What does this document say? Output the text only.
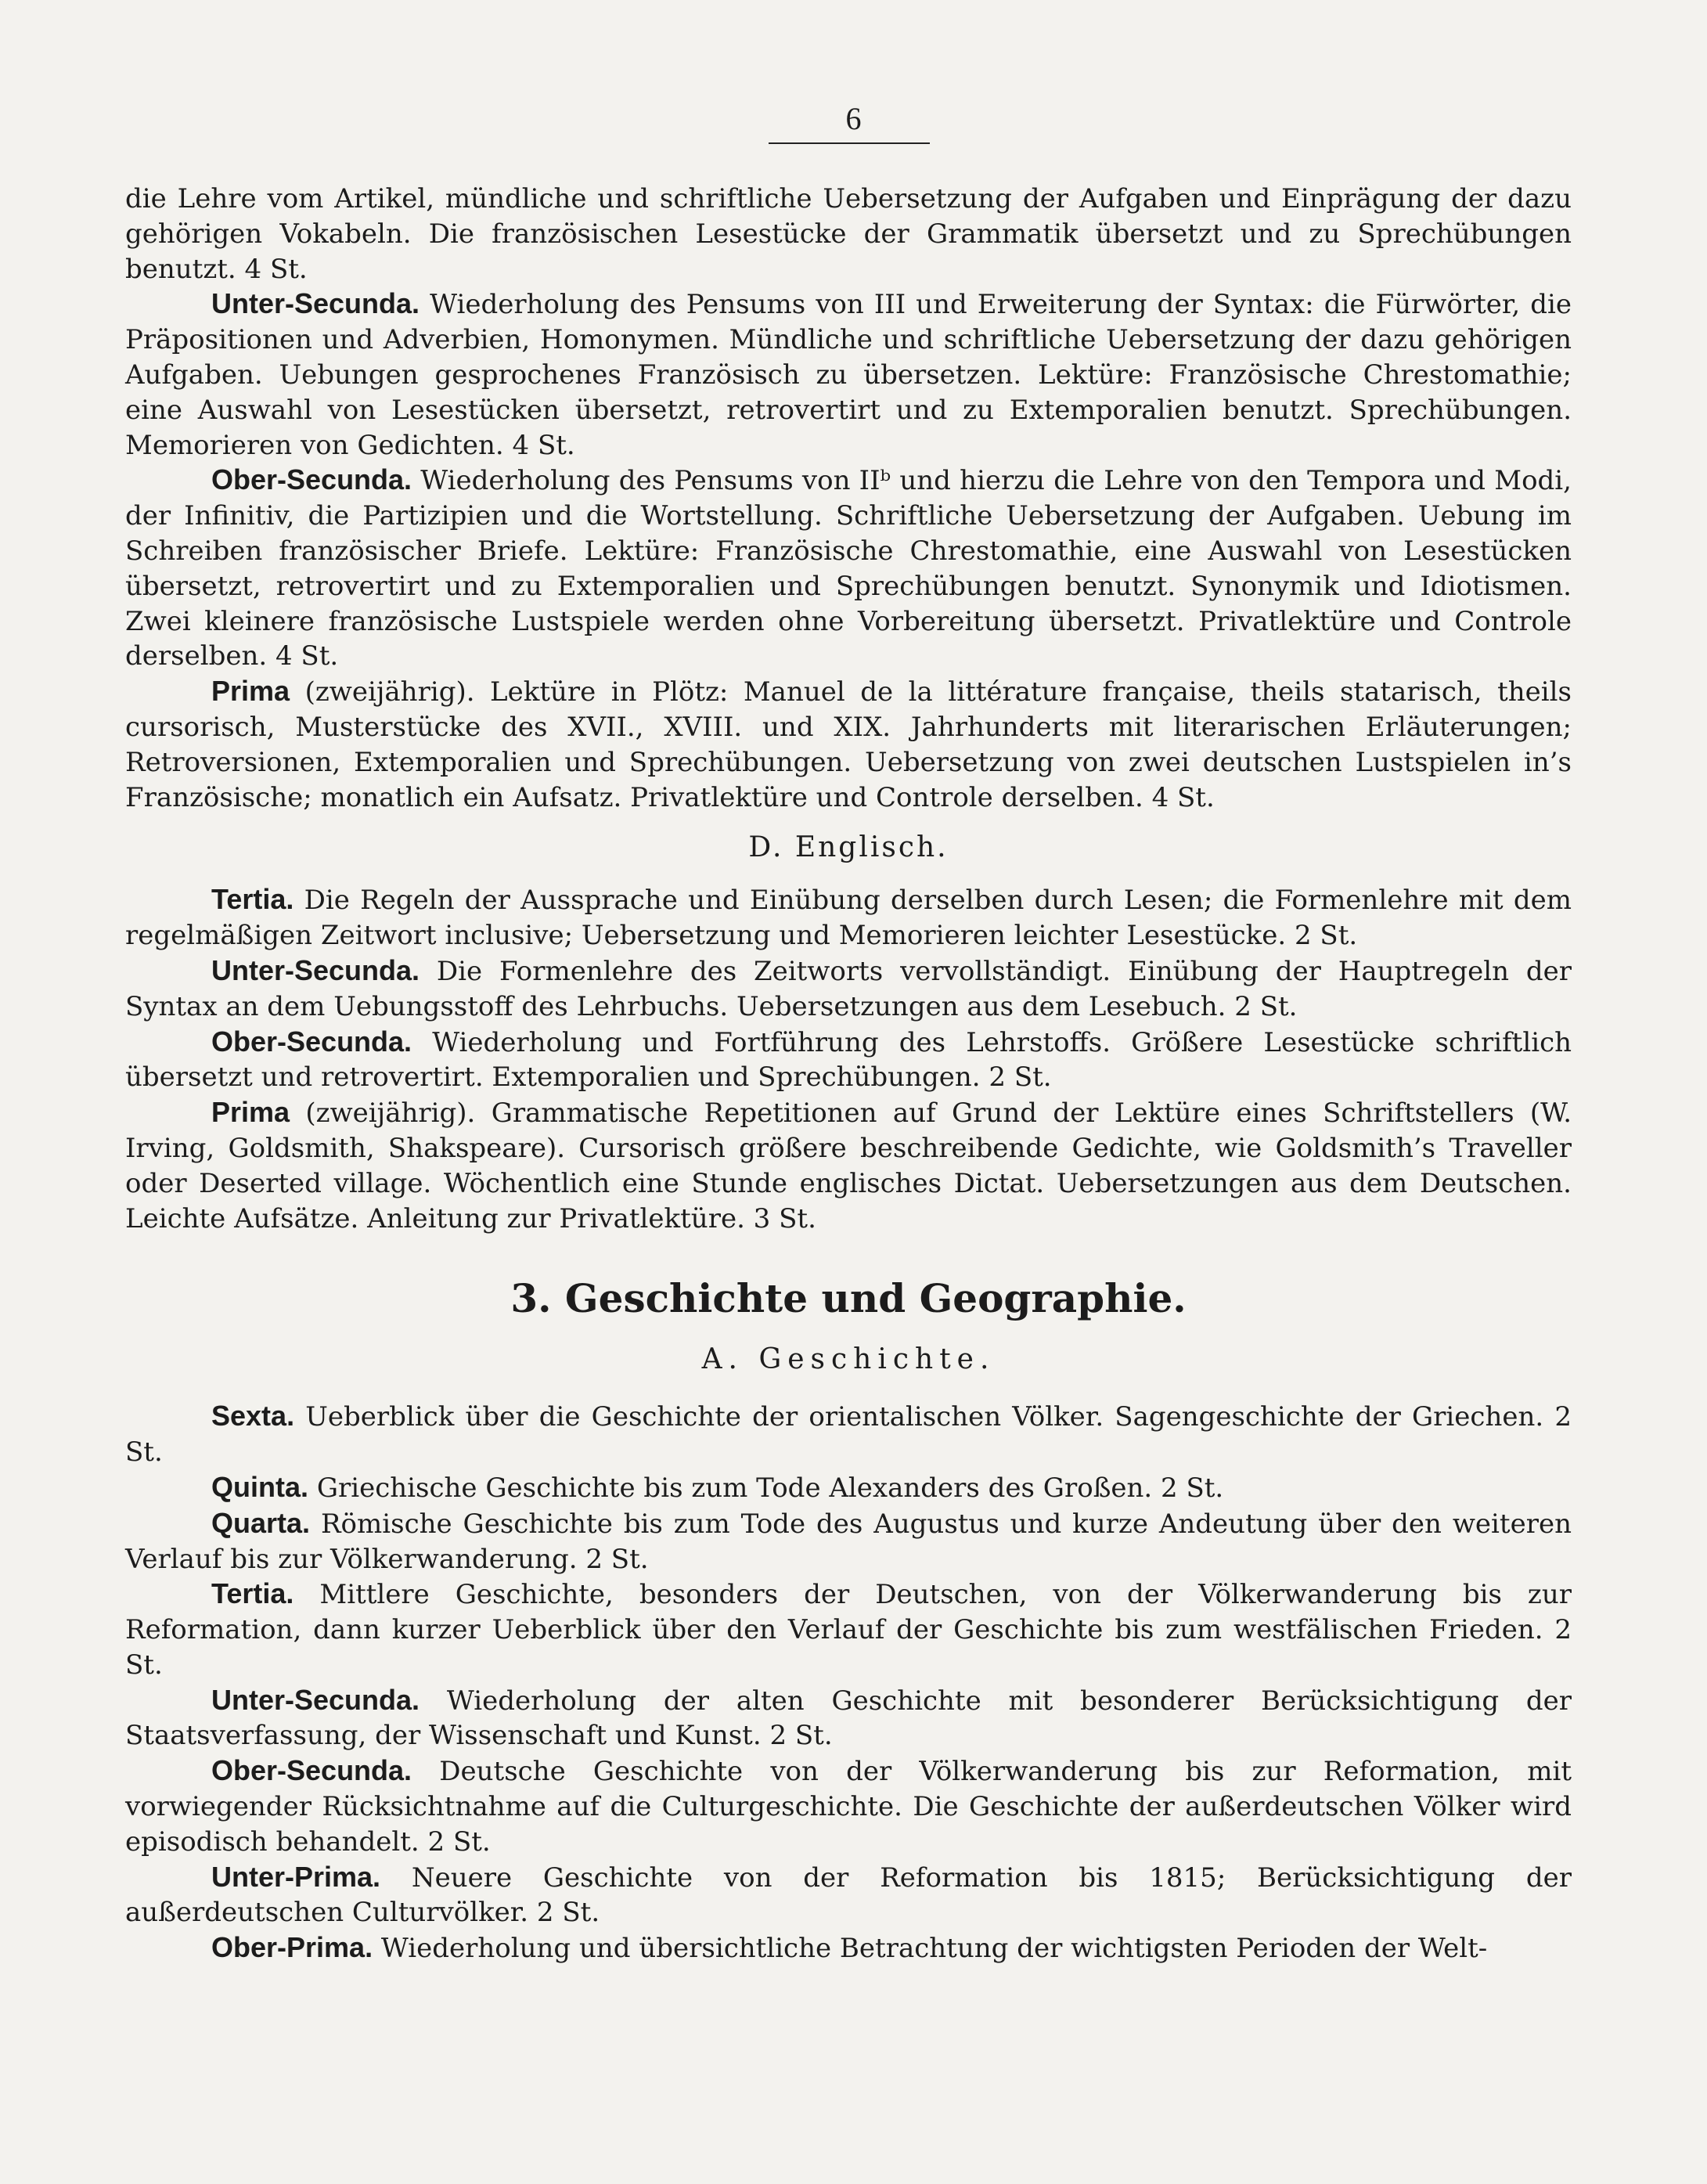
6

die Lehre vom Artikel, mündliche und schriftliche Uebersetzung der Aufgaben und Einprägung der dazu gehörigen Vokabeln. Die französischen Lesestücke der Grammatik übersetzt und zu Sprechübungen benutzt. 4 St.

Unter-Secunda. Wiederholung des Pensums von III und Erweiterung der Syntax: die Fürwörter, die Präpositionen und Adverbien, Homonymen. Mündliche und schriftliche Uebersetzung der dazu gehörigen Aufgaben. Uebungen gesprochenes Französisch zu übersetzen. Lektüre: Französische Chrestomathie; eine Auswahl von Lesestücken übersetzt, retrovertirt und zu Extemporalien benutzt. Sprechübungen. Memorieren von Gedichten. 4 St.

Ober-Secunda. Wiederholung des Pensums von IIᵇ und hierzu die Lehre von den Tempora und Modi, der Infinitiv, die Partizipien und die Wortstellung. Schriftliche Uebersetzung der Aufgaben. Uebung im Schreiben französischer Briefe. Lektüre: Französische Chrestomathie, eine Auswahl von Lesestücken übersetzt, retrovertirt und zu Extemporalien und Sprechübungen benutzt. Synonymik und Idiotismen. Zwei kleinere französische Lustspiele werden ohne Vorbereitung übersetzt. Privatlektüre und Controle derselben. 4 St.

Prima (zweijährig). Lektüre in Plötz: Manuel de la littérature française, theils statarisch, theils cursorisch, Musterstücke des XVII., XVIII. und XIX. Jahrhunderts mit literarischen Erläuterungen; Retroversionen, Extemporalien und Sprechübungen. Uebersetzung von zwei deutschen Lustspielen in’s Französische; monatlich ein Aufsatz. Privatlektüre und Controle derselben. 4 St.

D. Englisch.

Tertia. Die Regeln der Aussprache und Einübung derselben durch Lesen; die Formenlehre mit dem regelmäßigen Zeitwort inclusive; Uebersetzung und Memorieren leichter Lesestücke. 2 St.

Unter-Secunda. Die Formenlehre des Zeitworts vervollständigt. Einübung der Hauptregeln der Syntax an dem Uebungsstoff des Lehrbuchs. Uebersetzungen aus dem Lesebuch. 2 St.

Ober-Secunda. Wiederholung und Fortführung des Lehrstoffs. Größere Lesestücke schriftlich übersetzt und retrovertirt. Extemporalien und Sprechübungen. 2 St.

Prima (zweijährig). Grammatische Repetitionen auf Grund der Lektüre eines Schriftstellers (W. Irving, Goldsmith, Shakspeare). Cursorisch größere beschreibende Gedichte, wie Goldsmith’s Traveller oder Deserted village. Wöchentlich eine Stunde englisches Dictat. Uebersetzungen aus dem Deutschen. Leichte Aufsätze. Anleitung zur Privatlektüre. 3 St.

3. Geschichte und Geographie.
A. Geschichte.

Sexta. Ueberblick über die Geschichte der orientalischen Völker. Sagengeschichte der Griechen. 2 St.

Quinta. Griechische Geschichte bis zum Tode Alexanders des Großen. 2 St.

Quarta. Römische Geschichte bis zum Tode des Augustus und kurze Andeutung über den weiteren Verlauf bis zur Völkerwanderung. 2 St.

Tertia. Mittlere Geschichte, besonders der Deutschen, von der Völkerwanderung bis zur Reformation, dann kurzer Ueberblick über den Verlauf der Geschichte bis zum westfälischen Frieden. 2 St.

Unter-Secunda. Wiederholung der alten Geschichte mit besonderer Berücksichtigung der Staatsverfassung, der Wissenschaft und Kunst. 2 St.

Ober-Secunda. Deutsche Geschichte von der Völkerwanderung bis zur Reformation, mit vorwiegender Rücksichtnahme auf die Culturgeschichte. Die Geschichte der außerdeutschen Völker wird episodisch behandelt. 2 St.

Unter-Prima. Neuere Geschichte von der Reformation bis 1815; Berücksichtigung der außerdeutschen Culturvölker. 2 St.

Ober-Prima. Wiederholung und übersichtliche Betrachtung der wichtigsten Perioden der Welt-
